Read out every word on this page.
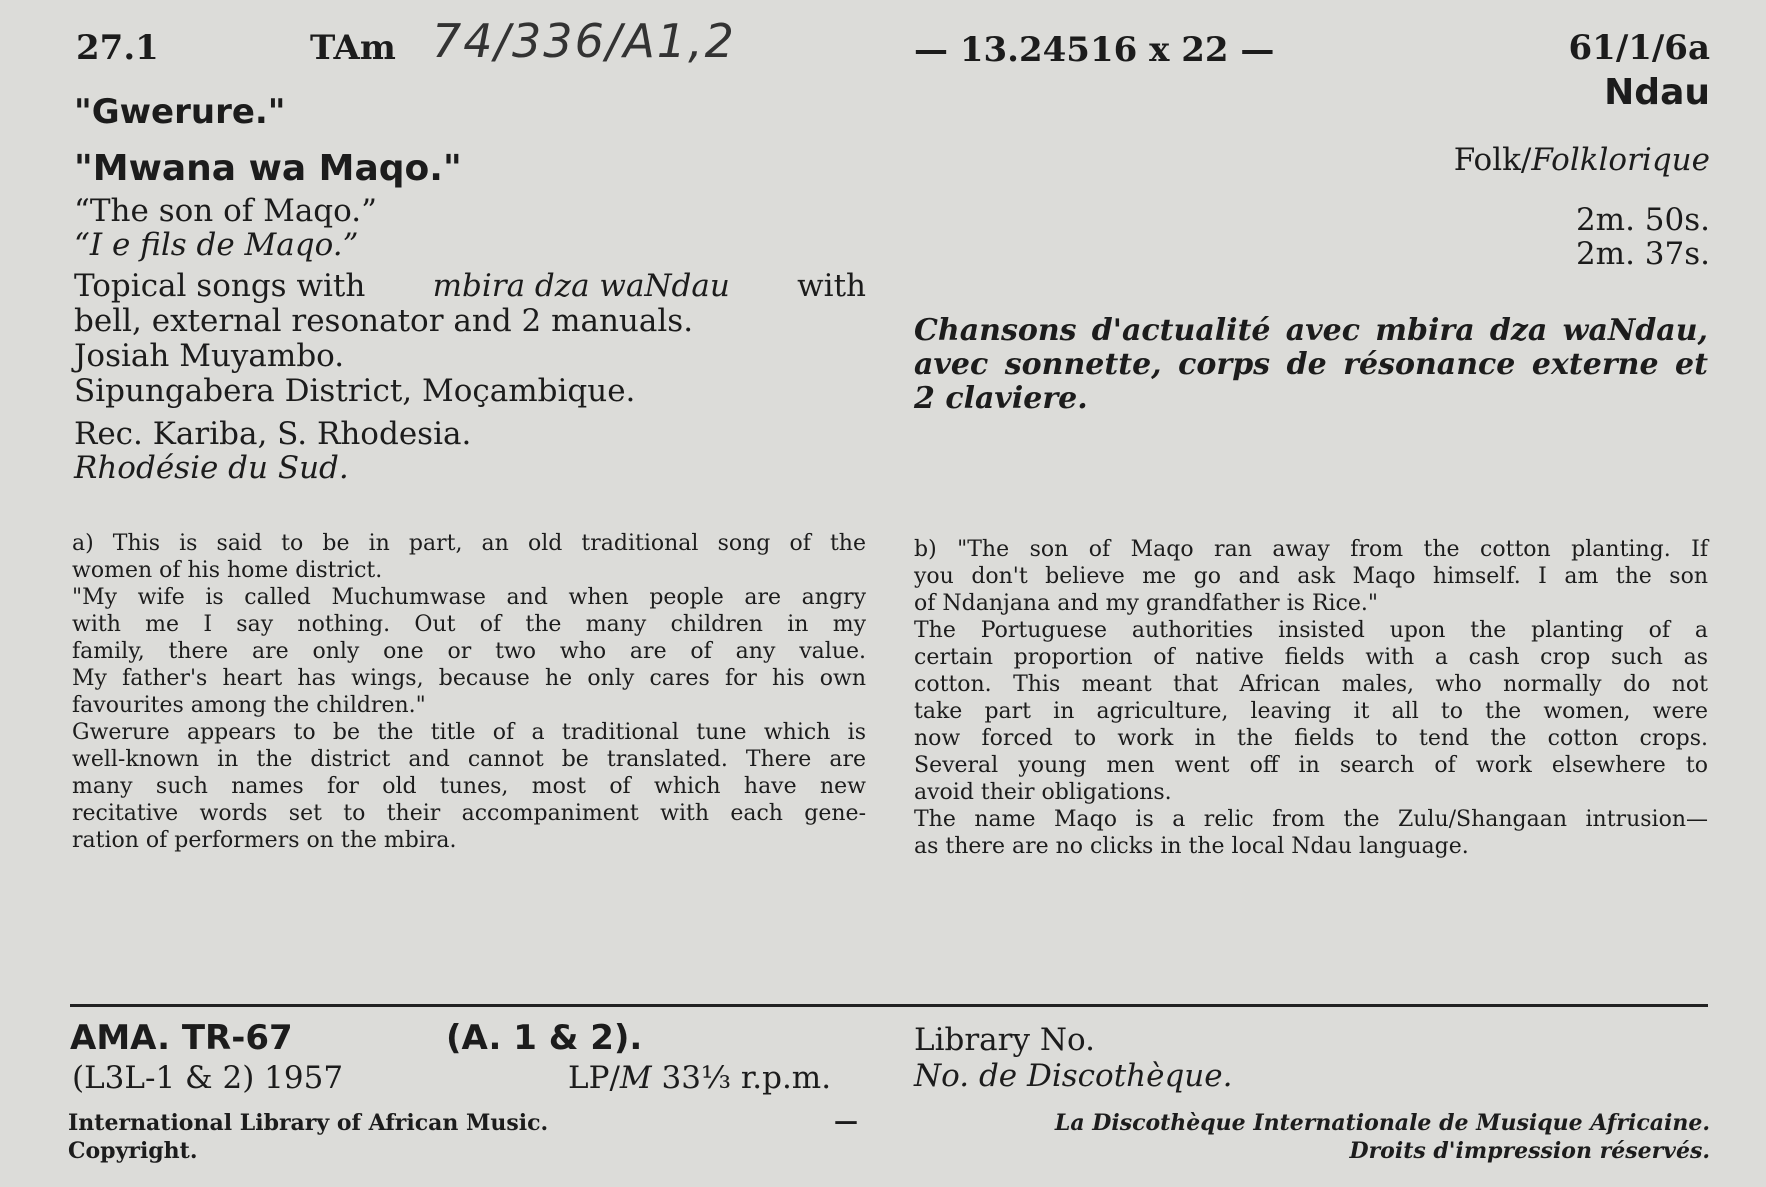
27.1	TAm 74/336/A1,2	— 13.24516 x 22 —	61/1/6a
Ndau
"Gwerure."
"Mwana wa Maqo."
“The son of Maqo.”
“I e fils de Maqo.”
Topical songs with mbira dza waNdau with
bell, external resonator and 2 manuals.
Josiah Muyambo.
Sipungabera District, Moçambique.
Rec. Kariba, S. Rhodesia.
Rhodésie du Sud.
Folk/Folklorique
2m. 50s.
2m. 37s.
Chansons d'actualité avec mbira dza waNdau,
avec sonnette, corps de résonance externe et
2 claviere.
a) This is said to be in part, an old traditional song of the
women of his home district.
"My wife is called Muchumwase and when people are angry
with me I say nothing. Out of the many children in my
family, there are only one or two who are of any value.
My father's heart has wings, because he only cares for his own
favourites among the children."
Gwerure appears to be the title of a traditional tune which is
well-known in the district and cannot be translated. There are
many such names for old tunes, most of which have new
recitative words set to their accompaniment with each gene-
ration of performers on the mbira.
b) "The son of Maqo ran away from the cotton planting. If
you don't believe me go and ask Maqo himself. I am the son
of Ndanjana and my grandfather is Rice."
The Portuguese authorities insisted upon the planting of a
certain proportion of native fields with a cash crop such as
cotton. This meant that African males, who normally do not
take part in agriculture, leaving it all to the women, were
now forced to work in the fields to tend the cotton crops.
Several young men went off in search of work elsewhere to
avoid their obligations.
The name Maqo is a relic from the Zulu/Shangaan intrusion—
as there are no clicks in the local Ndau language.
AMA. TR-67	(A. 1 & 2).
(L3L-1 & 2) 1957	LP/M 33⅓ r.p.m.
International Library of African Music.	—
Copyright.
Library No.
No. de Discothèque.
La Discothèque Internationale de Musique Africaine.
Droits d'impression réservés.
